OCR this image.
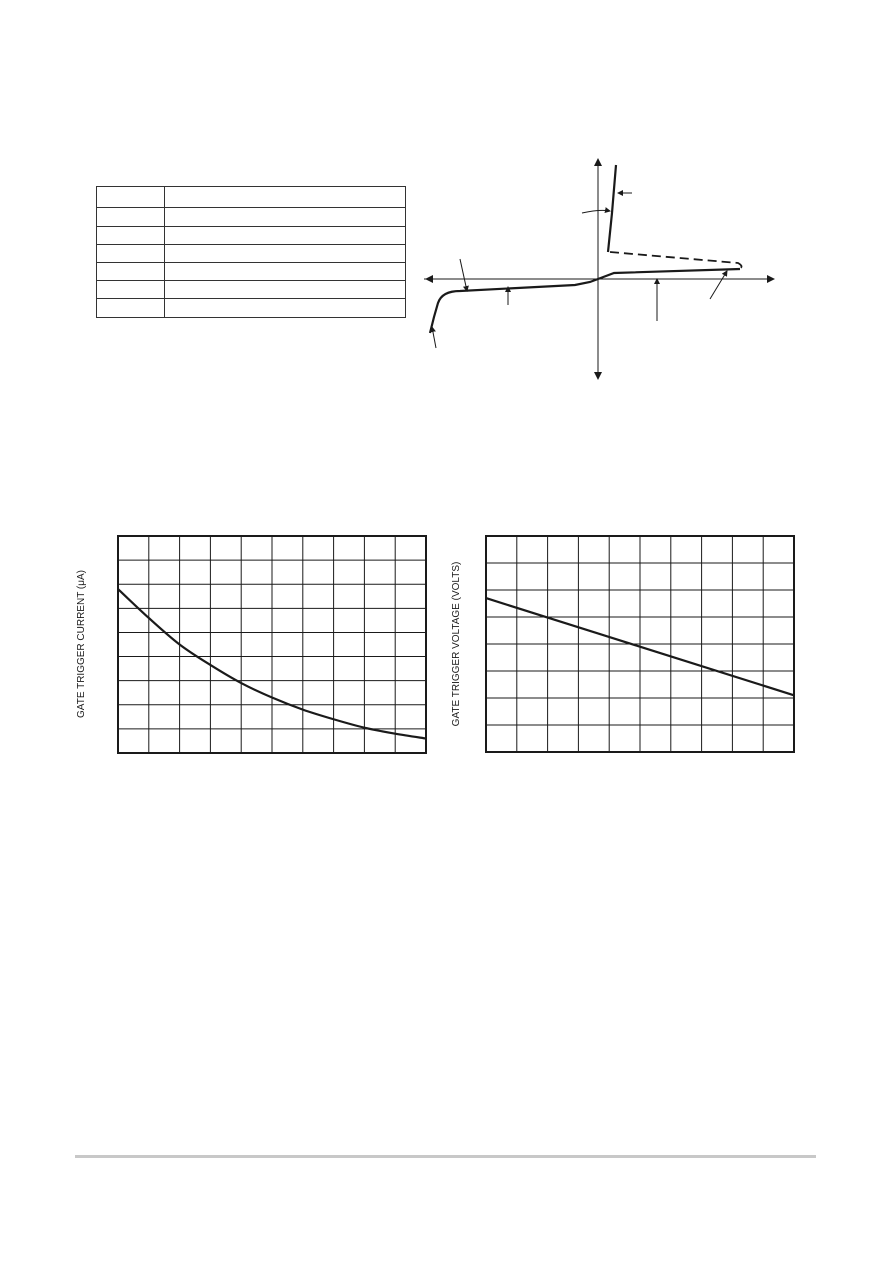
GATE TRIGGER CURRENT (μA)	GATE TRIGGER VOLTAGE (VOLTS)
